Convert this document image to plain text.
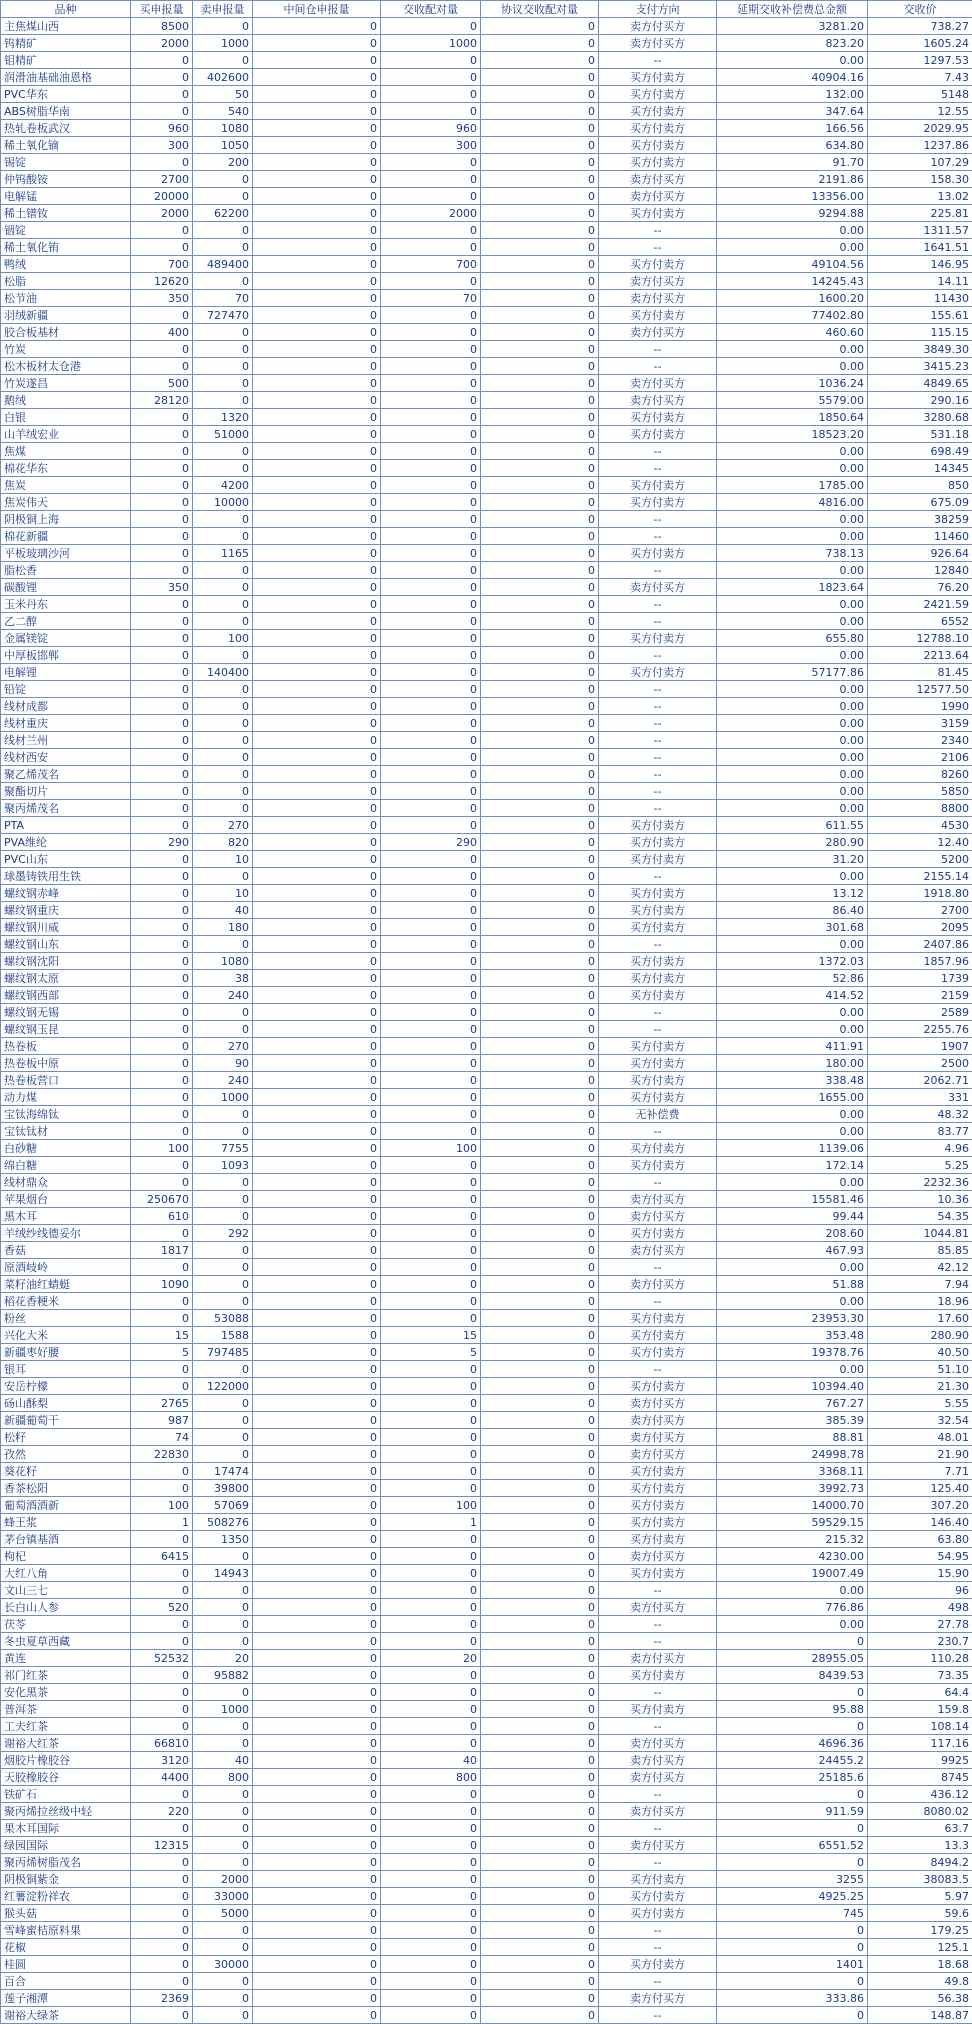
品种	买申报量	卖申报量	中间仓申报量	交收配对量	协议交收配对量	支付方向	延期交收补偿费总金额	交收价
主焦煤山西	8500	0	0	0	0	卖方付买方	3281.20	738.27
钨精矿	2000	1000	0	1000	0	卖方付买方	823.20	1605.24
钼精矿	0	0	0	0	0	--	0.00	1297.53
润滑油基础油恩格	0	402600	0	0	0	买方付卖方	40904.16	7.43
PVC华东	0	50	0	0	0	买方付卖方	132.00	5148
ABS树脂华南	0	540	0	0	0	买方付卖方	347.64	12.55
热轧卷板武汉	960	1080	0	960	0	买方付卖方	166.56	2029.95
稀土氧化镝	300	1050	0	300	0	买方付卖方	634.80	1237.86
锡锭	0	200	0	0	0	买方付卖方	91.70	107.29
仲钨酸铵	2700	0	0	0	0	卖方付买方	2191.86	158.30
电解锰	20000	0	0	0	0	卖方付买方	13356.00	13.02
稀土镨钕	2000	62200	0	2000	0	买方付卖方	9294.88	225.81
铟锭	0	0	0	0	0	--	0.00	1311.57
稀土氧化铕	0	0	0	0	0	--	0.00	1641.51
鸭绒	700	489400	0	700	0	买方付卖方	49104.56	146.95
松脂	12620	0	0	0	0	卖方付买方	14245.43	14.11
松节油	350	70	0	70	0	卖方付买方	1600.20	11430
羽绒新疆	0	727470	0	0	0	买方付卖方	77402.80	155.61
胶合板基材	400	0	0	0	0	卖方付买方	460.60	115.15
竹炭	0	0	0	0	0	--	0.00	3849.30
松木板材太仓港	0	0	0	0	0	--	0.00	3415.23
竹炭遂昌	500	0	0	0	0	卖方付买方	1036.24	4849.65
鹅绒	28120	0	0	0	0	卖方付买方	5579.00	290.16
白银	0	1320	0	0	0	买方付卖方	1850.64	3280.68
山羊绒宏业	0	51000	0	0	0	买方付卖方	18523.20	531.18
焦煤	0	0	0	0	0	--	0.00	698.49
棉花华东	0	0	0	0	0	--	0.00	14345
焦炭	0	4200	0	0	0	买方付卖方	1785.00	850
焦炭伟天	0	10000	0	0	0	买方付卖方	4816.00	675.09
阴极铜上海	0	0	0	0	0	--	0.00	38259
棉花新疆	0	0	0	0	0	--	0.00	11460
平板玻璃沙河	0	1165	0	0	0	买方付卖方	738.13	926.64
脂松香	0	0	0	0	0	--	0.00	12840
碳酸锂	350	0	0	0	0	卖方付买方	1823.64	76.20
玉米丹东	0	0	0	0	0	--	0.00	2421.59
乙二醇	0	0	0	0	0	--	0.00	6552
金属镁锭	0	100	0	0	0	买方付卖方	655.80	12788.10
中厚板邯郸	0	0	0	0	0	--	0.00	2213.64
电解锂	0	140400	0	0	0	买方付卖方	57177.86	81.45
铅锭	0	0	0	0	0	--	0.00	12577.50
线材成都	0	0	0	0	0	--	0.00	1990
线材重庆	0	0	0	0	0	--	0.00	3159
线材兰州	0	0	0	0	0	--	0.00	2340
线材西安	0	0	0	0	0	--	0.00	2106
聚乙烯茂名	0	0	0	0	0	--	0.00	8260
聚酯切片	0	0	0	0	0	--	0.00	5850
聚丙烯茂名	0	0	0	0	0	--	0.00	8800
PTA	0	270	0	0	0	买方付卖方	611.55	4530
PVA维纶	290	820	0	290	0	买方付卖方	280.90	12.40
PVC山东	0	10	0	0	0	买方付卖方	31.20	5200
球墨铸铁用生铁	0	0	0	0	0	--	0.00	2155.14
螺纹钢赤峰	0	10	0	0	0	买方付卖方	13.12	1918.80
螺纹钢重庆	0	40	0	0	0	买方付卖方	86.40	2700
螺纹钢川威	0	180	0	0	0	买方付卖方	301.68	2095
螺纹钢山东	0	0	0	0	0	--	0.00	2407.86
螺纹钢沈阳	0	1080	0	0	0	买方付卖方	1372.03	1857.96
螺纹钢太原	0	38	0	0	0	买方付卖方	52.86	1739
螺纹钢西部	0	240	0	0	0	买方付卖方	414.52	2159
螺纹钢无锡	0	0	0	0	0	--	0.00	2589
螺纹钢玉昆	0	0	0	0	0	--	0.00	2255.76
热卷板	0	270	0	0	0	买方付卖方	411.91	1907
热卷板中原	0	90	0	0	0	买方付卖方	180.00	2500
热卷板营口	0	240	0	0	0	买方付卖方	338.48	2062.71
动力煤	0	1000	0	0	0	买方付卖方	1655.00	331
宝钛海绵钛	0	0	0	0	0	无补偿费	0.00	48.32
宝钛钛材	0	0	0	0	0	--	0.00	83.77
白砂糖	100	7755	0	100	0	买方付卖方	1139.06	4.96
绵白糖	0	1093	0	0	0	买方付卖方	172.14	5.25
线材鼎众	0	0	0	0	0	--	0.00	2232.36
苹果烟台	250670	0	0	0	0	卖方付买方	15581.46	10.36
黑木耳	610	0	0	0	0	卖方付买方	99.44	54.35
羊绒纱线德妥尔	0	292	0	0	0	买方付卖方	208.60	1044.81
香菇	1817	0	0	0	0	卖方付买方	467.93	85.85
原酒岐岭	0	0	0	0	0	--	0.00	42.12
菜籽油红蜻蜓	1090	0	0	0	0	卖方付买方	51.88	7.94
稻花香粳米	0	0	0	0	0	--	0.00	18.96
粉丝	0	53088	0	0	0	买方付卖方	23953.30	17.60
兴化大米	15	1588	0	15	0	买方付卖方	353.48	280.90
新疆枣好腰	5	797485	0	5	0	买方付卖方	19378.76	40.50
银耳	0	0	0	0	0	--	0.00	51.10
安岳柠檬	0	122000	0	0	0	买方付卖方	10394.40	21.30
砀山酥梨	2765	0	0	0	0	卖方付买方	767.27	5.55
新疆葡萄干	987	0	0	0	0	卖方付买方	385.39	32.54
松籽	74	0	0	0	0	卖方付买方	88.81	48.01
孜然	22830	0	0	0	0	卖方付买方	24998.78	21.90
葵花籽	0	17474	0	0	0	买方付卖方	3368.11	7.71
香茶松阳	0	39800	0	0	0	买方付卖方	3992.73	125.40
葡萄酒酒新	100	57069	0	100	0	买方付卖方	14000.70	307.20
蜂王浆	1	508276	0	1	0	买方付卖方	59529.15	146.40
茅台镇基酒	0	1350	0	0	0	买方付卖方	215.32	63.80
枸杞	6415	0	0	0	0	卖方付买方	4230.00	54.95
大红八角	0	14943	0	0	0	买方付卖方	19007.49	15.90
文山三七	0	0	0	0	0	--	0.00	96
长白山人参	520	0	0	0	0	卖方付买方	776.86	498
茯苓	0	0	0	0	0	--	0.00	27.78
冬虫夏草西藏	0	0	0	0	0	--	0	230.7
黄连	52532	20	0	20	0	卖方付买方	28955.05	110.28
祁门红茶	0	95882	0	0	0	买方付卖方	8439.53	73.35
安化黑茶	0	0	0	0	0	--	0	64.4
普洱茶	0	1000	0	0	0	买方付卖方	95.88	159.8
工夫红茶	0	0	0	0	0	--	0	108.14
谢裕大红茶	66810	0	0	0	0	卖方付买方	4696.36	117.16
烟胶片橡胶谷	3120	40	0	40	0	卖方付买方	24455.2	9925
天胶橡胶谷	4400	800	0	800	0	卖方付买方	25185.6	8745
铁矿石	0	0	0	0	0	--	0	436.12
聚丙烯拉丝级中轻	220	0	0	0	0	卖方付买方	911.59	8080.02
果木耳国际	0	0	0	0	0	--	0	63.7
绿园国际	12315	0	0	0	0	卖方付买方	6551.52	13.3
聚丙烯树脂茂名	0	0	0	0	0	--	0	8494.2
阴极铜紫金	0	2000	0	0	0	买方付卖方	3255	38083.5
红薯淀粉祥农	0	33000	0	0	0	买方付卖方	4925.25	5.97
猴头菇	0	5000	0	0	0	买方付卖方	745	59.6
雪峰蜜桔原料果	0	0	0	0	0	--	0	179.25
花椒	0	0	0	0	0	--	0	125.1
桂圆	0	30000	0	0	0	买方付卖方	1401	18.68
百合	0	0	0	0	0	--	0	49.8
莲子湘潭	2369	0	0	0	0	卖方付买方	333.86	56.38
谢裕大绿茶	0	0	0	0	0	--	0	148.87
